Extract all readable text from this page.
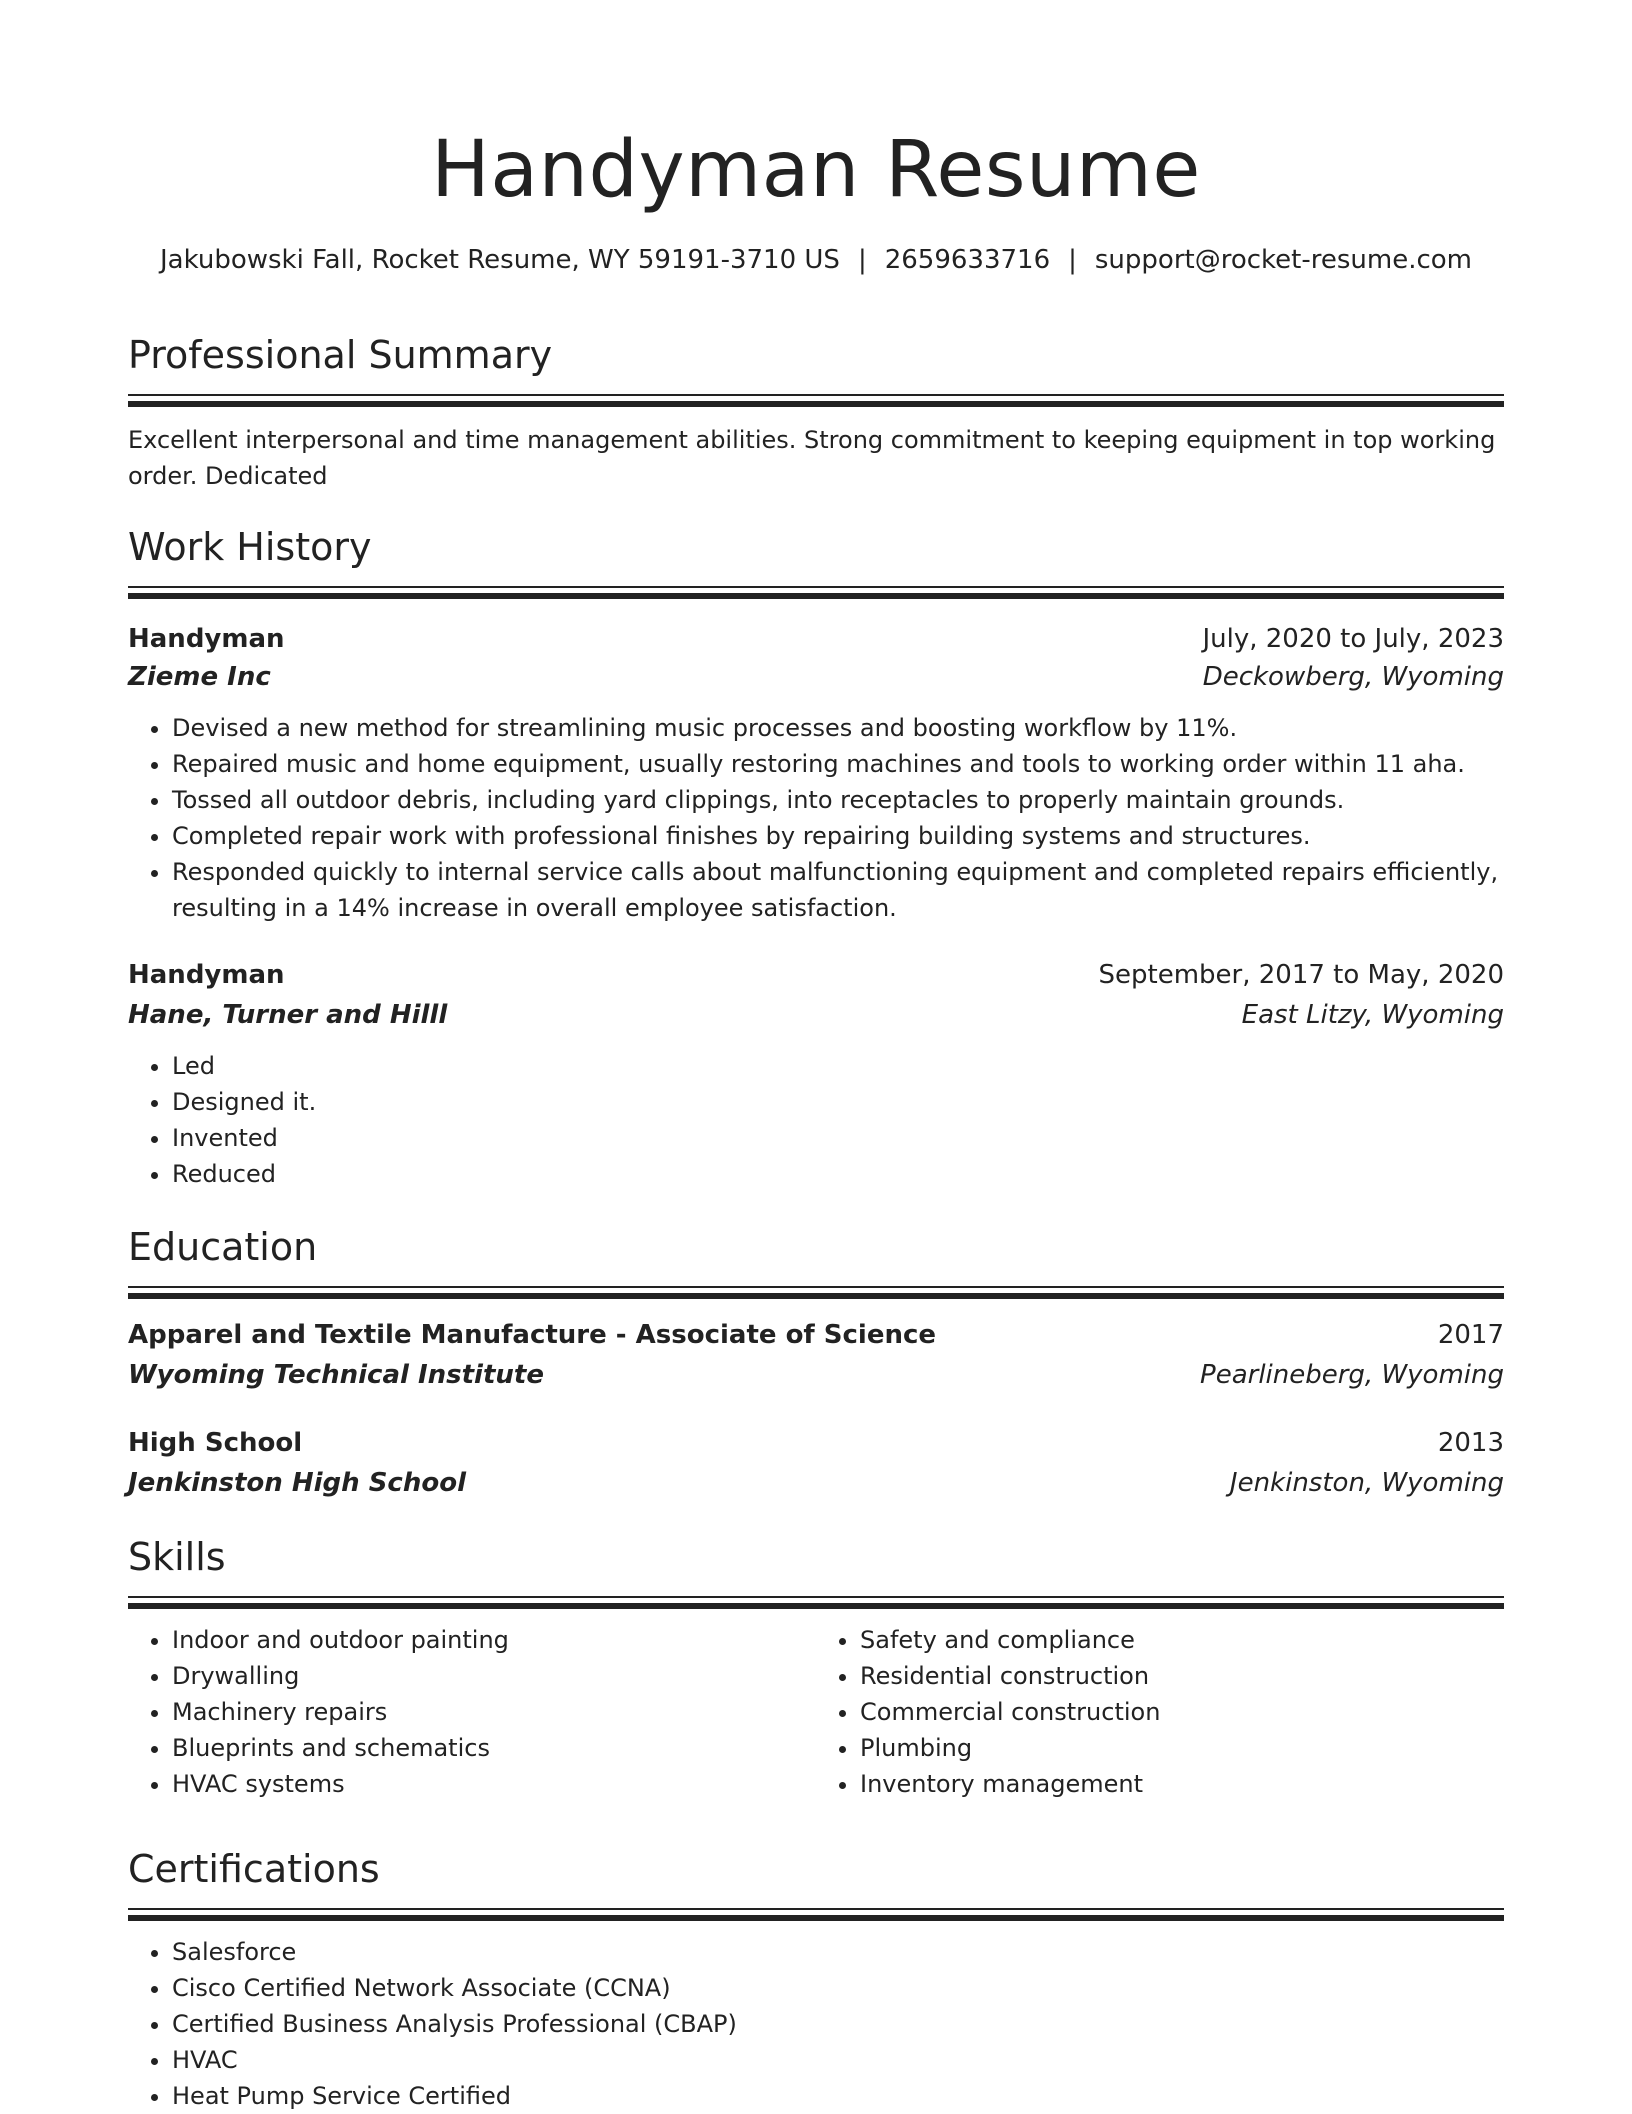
Handyman Resume
Jakubowski Fall, Rocket Resume, WY 59191-3710 US | 2659633716 | support@rocket-resume.com
Professional Summary
Excellent interpersonal and time management abilities. Strong commitment to keeping equipment in top working order. Dedicated
Work History
Handyman	July, 2020 to July, 2023
Zieme Inc	Deckowberg, Wyoming
• Devised a new method for streamlining music processes and boosting workflow by 11%.
• Repaired music and home equipment, usually restoring machines and tools to working order within 11 aha.
• Tossed all outdoor debris, including yard clippings, into receptacles to properly maintain grounds.
• Completed repair work with professional finishes by repairing building systems and structures.
• Responded quickly to internal service calls about malfunctioning equipment and completed repairs efficiently, resulting in a 14% increase in overall employee satisfaction.
Handyman	September, 2017 to May, 2020
Hane, Turner and Hilll	East Litzy, Wyoming
• Led
• Designed it.
• Invented
• Reduced
Education
Apparel and Textile Manufacture - Associate of Science	2017
Wyoming Technical Institute	Pearlineberg, Wyoming
High School	2013
Jenkinston High School	Jenkinston, Wyoming
Skills
• Indoor and outdoor painting
• Drywalling
• Machinery repairs
• Blueprints and schematics
• HVAC systems
• Safety and compliance
• Residential construction
• Commercial construction
• Plumbing
• Inventory management
Certifications
• Salesforce
• Cisco Certified Network Associate (CCNA)
• Certified Business Analysis Professional (CBAP)
• HVAC
• Heat Pump Service Certified
